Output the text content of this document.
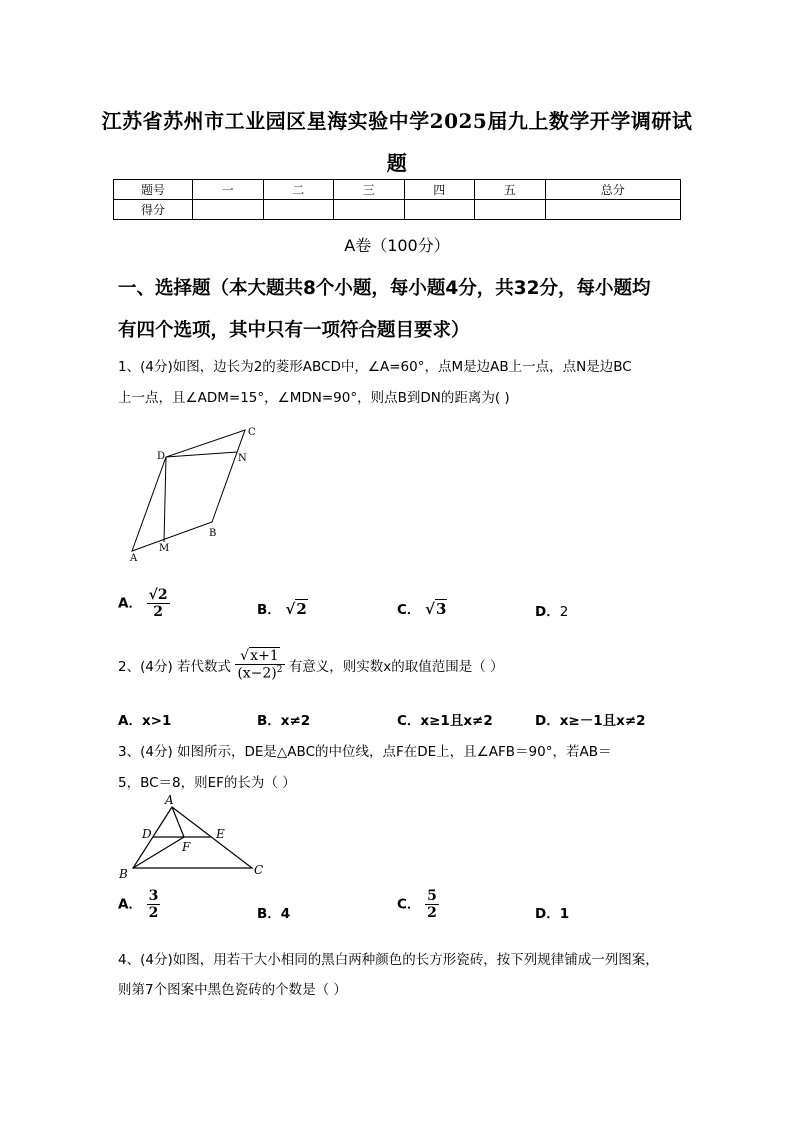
江苏省苏州市工业园区星海实验中学2025届九上数学开学调研试
题
题号	一	二	三	四	五	总分
得分						
A卷（100分）
一、选择题（本大题共8个小题，每小题4分，共32分，每小题均
有四个选项，其中只有一项符合题目要求）
1、(4分)如图，边长为2的菱形ABCD中，∠A=60°，点M是边AB上一点，点N是边BC
上一点，且∠ADM=15°，∠MDN=90°，则点B到DN的距离为( )
A
B
C
D
M
N
A． $\frac{√2}{2}$	B． √2	C． √3	D．2
2、(4分) 若代数式 $\frac{√x+1}{(x-2)^2}$ 有意义，则实数x的取值范围是（ ）
A．x>1	B．x≠2	C．x≥1且x≠2	D．x≥－1且x≠2
3、(4分) 如图所示，DE是△ABC的中位线，点F在DE上，且∠AFB＝90°，若AB＝
5，BC＝8，则EF的长为（ ）
A
B	C
D	E
F
A． $\frac{3}{2}$	B．4
C． $\frac{5}{2}$	D．1
4、(4分)如图，用若干大小相同的黑白两种颜色的长方形瓷砖，按下列规律铺成一列图案，
则第7个图案中黑色瓷砖的个数是（ ）
